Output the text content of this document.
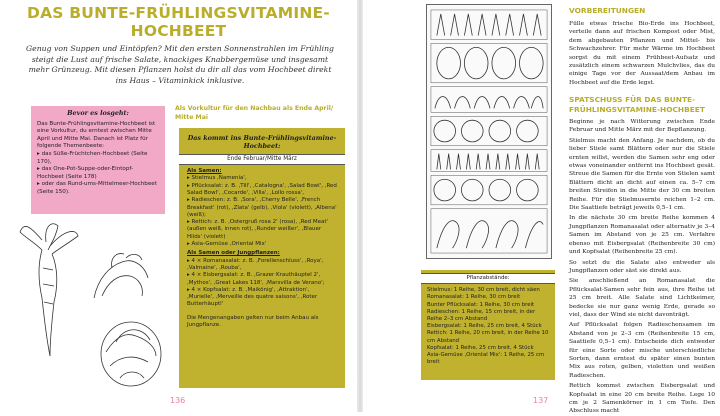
DAS BUNTE-FRÜHLINGSVITAMINE-HOCHBEET

Genug von Suppen und Eintöpfen? Mit den ersten Sonnenstrahlen im Frühling steigt die Lust auf frische Salate, knackiges Knabbergemüse und insgesamt mehr Grünzeug. Mit diesen Pflanzen holst du dir all das vom Hochbeet direkt ins Haus – Vitaminkick inklusive.

Bevor es losgeht:

Das Bunte-Frühlingsvitamine-Hochbeet ist eine Vorkultur, du erntest zwischen Mitte April und Mitte Mai. Danach ist Platz für folgende Themenbeete:

▸ das Süße-Früchtchen-Hochbeet (Seite 170),
▸ das One-Pot-Suppe-oder-Eintopf-Hochbeet (Seite 178)
▸ oder das Rund-ums-Mittelmeer-Hochbeet (Seite 150).
Als Vorkultur für den Nachbau als Ende April/ Mitte Mai
Das kommt ins Bunte-Frühlingsvitamine-Hochbeet:
Ende Februar/Mitte März
Als Samen:
▸ Stielmus ‚Namenia',
▸ Pflücksalat: z. B. ‚Till', ‚Catalogna', ‚Salad Bowl', ‚Red Salad Bowl', ‚Cocarde', ‚Villa', ‚Lollo rossa',
▸ Radieschen: z. B. ‚Sora', ‚Cherry Belle', ‚French Breakfast' (rot), ‚Zlata' (gelb), ‚Viola' (violett), ‚Albena' (weiß);
▸ Rettich: z. B. ‚Ostergruß rosa 2' (rosa), ‚Red Meat' (außen weiß, innen rot), ‚Runder weißer', ‚Blauer Hilds' (violett)
▸ Asia-Gemüse ‚Oriental Mix'
Als Samen oder Jungpflanzen:
▸ 4 × Romanasalat: z. B. ‚Forellenschluss', ‚Roya', ‚Valmaine', ‚Rouba',
▸ 4 × Eisbergsalat: z. B. ‚Grazer Krauthäuptel 2', ‚Mythos', ‚Great Lakes 118', ‚Marsvilla de Verano';
▸ 4 × Kopfsalat: z. B. ‚Maikönig', ‚Attraktion', ‚Murielle', ‚Merveille des quatre saisons', ‚Roter Butterhäuptl'

Die Mengenangaben gelten nur beim Anbau als Jungpflanze.

136
Pflanzabstände:
Stielmus: 1 Reihe, 30 cm breit, dicht säen
Romanasalat: 1 Reihe, 30 cm breit
Bunter Pflücksalat: 1 Reihe, 30 cm breit
Radieschen: 1 Reihe, 15 cm breit, in der Reihe 2–3 cm Abstand
Eisbergsalat: 1 Reihe, 25 cm breit, 4 Stück
Rettich: 1 Reihe, 20 cm breit, in der Reihe 10 cm Abstand
Kopfsalat: 1 Reihe, 25 cm breit, 4 Stück
Asia-Gemüse ‚Oriental Mix': 1 Reihe, 25 cm breit
VORBEREITUNGEN

Fülle etwas frische Bio-Erde ins Hochbeet, verteile dann auf frischen Kompost oder Mist, dem abgebauten Pflanzen und Mittel- bis Schwachzehrer. Für mehr Wärme im Hochbeet sorgst du mit einem Frühbeet-Aufsatz und zusätzlich einem schwarzen Mulchvlies, das du einige Tage vor der Aussaat/dem Anbau im Hochbeet auf die Erde legst.

SPATSCHUSS FÜR DAS BUNTE-FRÜHLINGSVITAMINE-HOCHBEET

Beginne je nach Witterung zwischen Ende Februar und Mitte März mit der Bepflanzung.

Stielmus macht den Anfang. Je nachdem, ob du lieber Stiele samt Blättern oder nur die Stiele ernten willst, werden die Samen sehr eng oder etwas voneinander entfernt ins Hochbeet gesät. Streue die Samen für die Ernte von Stielen samt Blättern dicht an dicht auf einen ca. 5–7 cm breiten Streifen in die Mitte der 30 cm breiten Reihe. Für die Stielmusernte reichen 1–2 cm. Die Saattiefe beträgt jeweils 0,5–1 cm.

In die nächste 30 cm breite Reihe kommen 4 Jungpflanzen Romanasalat oder alternativ je 3–4 Samen im Abstand von je 25 cm. Verfahre ebenso mit Eisbergsalat (Reihenbreite 30 cm) und Kopfsalat (Reihenbreite 25 cm).

So setzt du die Salate also entweder als Jungpflanzen oder säst sie direkt aus.

Sie anschließend an Romanasalat die Pflücksalat-Samen sehr fein aus, ihre Reihe ist 25 cm breit. Alle Salate sind Lichtkeimer, bedecke sie nur ganz wenig Erde, gerade so viel, dass der Wind sie nicht davonträgt.

Auf Pflücksalat folgen Radieschensamen im Abstand von je 2–3 cm (Reihenbreite 15 cm, Saattiefe 0,5–1 cm). Entscheide dich entweder für eine Sorte oder mische unterschiedliche Sorten, dann erntest du später einen bunten Mix aus roten, gelben, violetten und weißen Radieschen.

Rettich kommst zwischen Eisbergsalat und Kopfsalat in eine 20 cm breite Reihe. Lege 10 cm je 2 Samenkörner in 1 cm Tiefe. Den Abschluss macht

137
